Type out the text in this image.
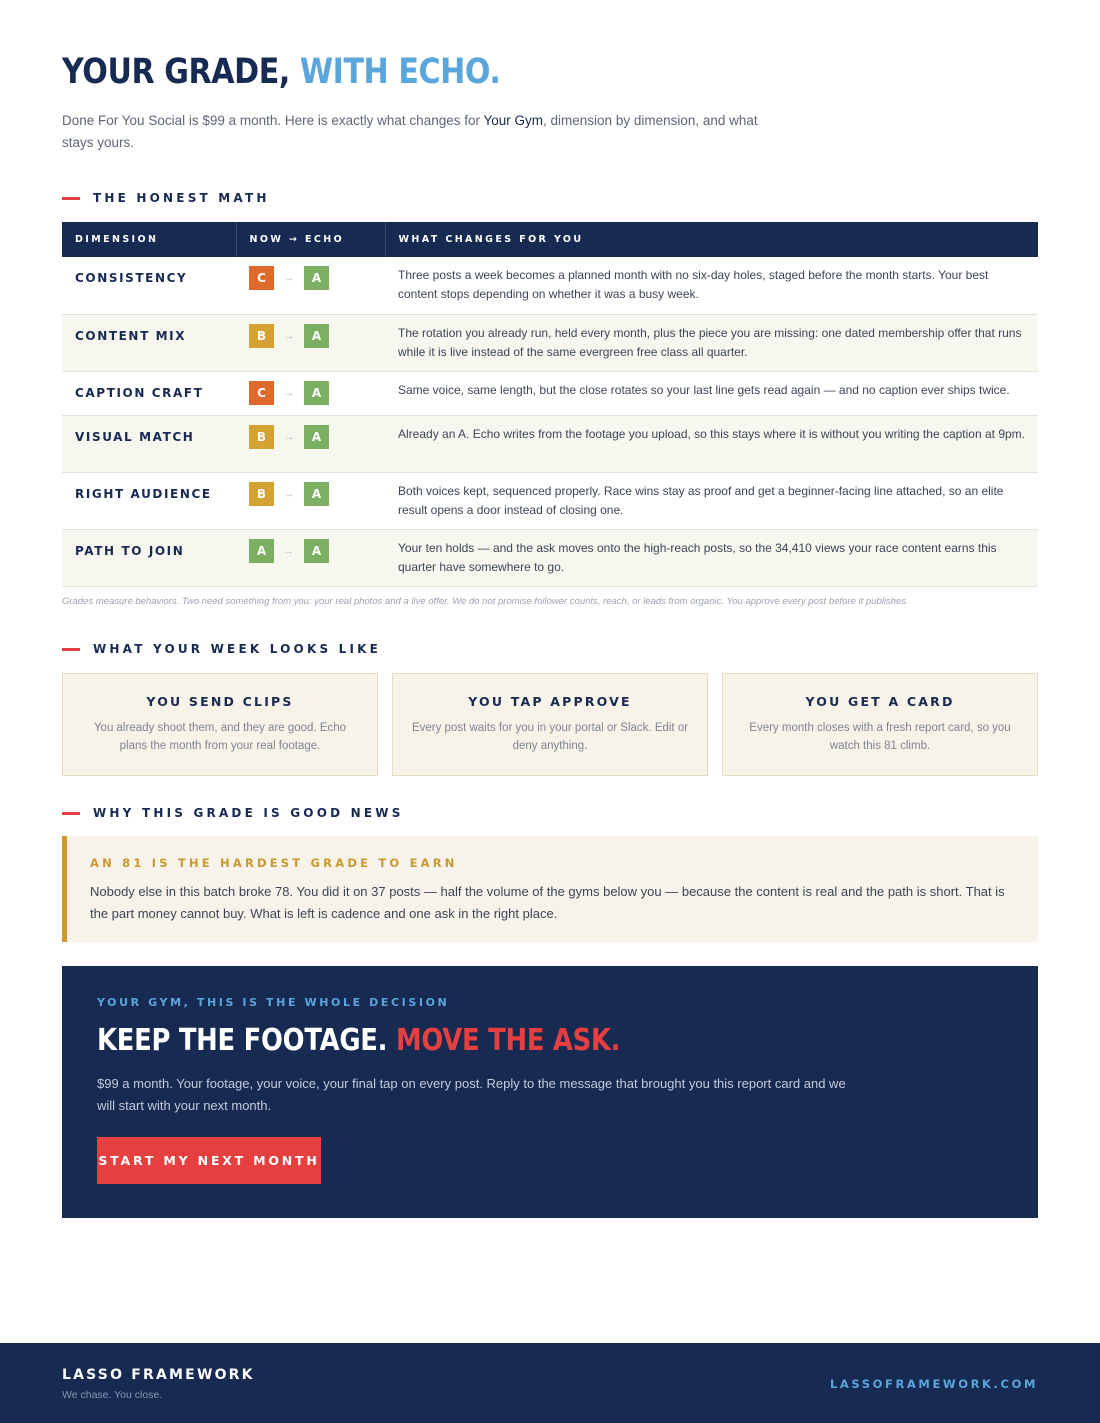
YOUR GRADE, WITH ECHO.

Done For You Social is $99 a month. Here is exactly what changes for Your Gym, dimension by dimension, and what stays yours.

THE HONEST MATH
DIMENSION	NOW → ECHO	WHAT CHANGES FOR YOU
CONSISTENCY	C → A	Three posts a week becomes a planned month with no six-day holes, staged before the month starts. Your best content stops depending on whether it was a busy week.
CONTENT MIX	B → A	The rotation you already run, held every month, plus the piece you are missing: one dated membership offer that runs while it is live instead of the same evergreen free class all quarter.
CAPTION CRAFT	C → A	Same voice, same length, but the close rotates so your last line gets read again — and no caption ever ships twice.
VISUAL MATCH	B → A	Already an A. Echo writes from the footage you upload, so this stays where it is without you writing the caption at 9pm.
RIGHT AUDIENCE	B → A	Both voices kept, sequenced properly. Race wins stay as proof and get a beginner-facing line attached, so an elite result opens a door instead of closing one.
PATH TO JOIN	A → A	Your ten holds — and the ask moves onto the high-reach posts, so the 34,410 views your race content earns this quarter have somewhere to go.

Grades measure behaviors. Two need something from you: your real photos and a live offer. We do not promise follower counts, reach, or leads from organic. You approve every post before it publishes.

WHAT YOUR WEEK LOOKS LIKE
YOU SEND CLIPS
You already shoot them, and they are good. Echo plans the month from your real footage.
YOU TAP APPROVE
Every post waits for you in your portal or Slack. Edit or deny anything.
YOU GET A CARD
Every month closes with a fresh report card, so you watch this 81 climb.
WHY THIS GRADE IS GOOD NEWS
AN 81 IS THE HARDEST GRADE TO EARN

Nobody else in this batch broke 78. You did it on 37 posts — half the volume of the gyms below you — because the content is real and the path is short. That is the part money cannot buy. What is left is cadence and one ask in the right place.

YOUR GYM, THIS IS THE WHOLE DECISION
KEEP THE FOOTAGE. MOVE THE ASK.

$99 a month. Your footage, your voice, your final tap on every post. Reply to the message that brought you this report card and we will start with your next month.

START MY NEXT MONTH
LASSO FRAMEWORK
We chase. You close.
LASSOFRAMEWORK.COM
